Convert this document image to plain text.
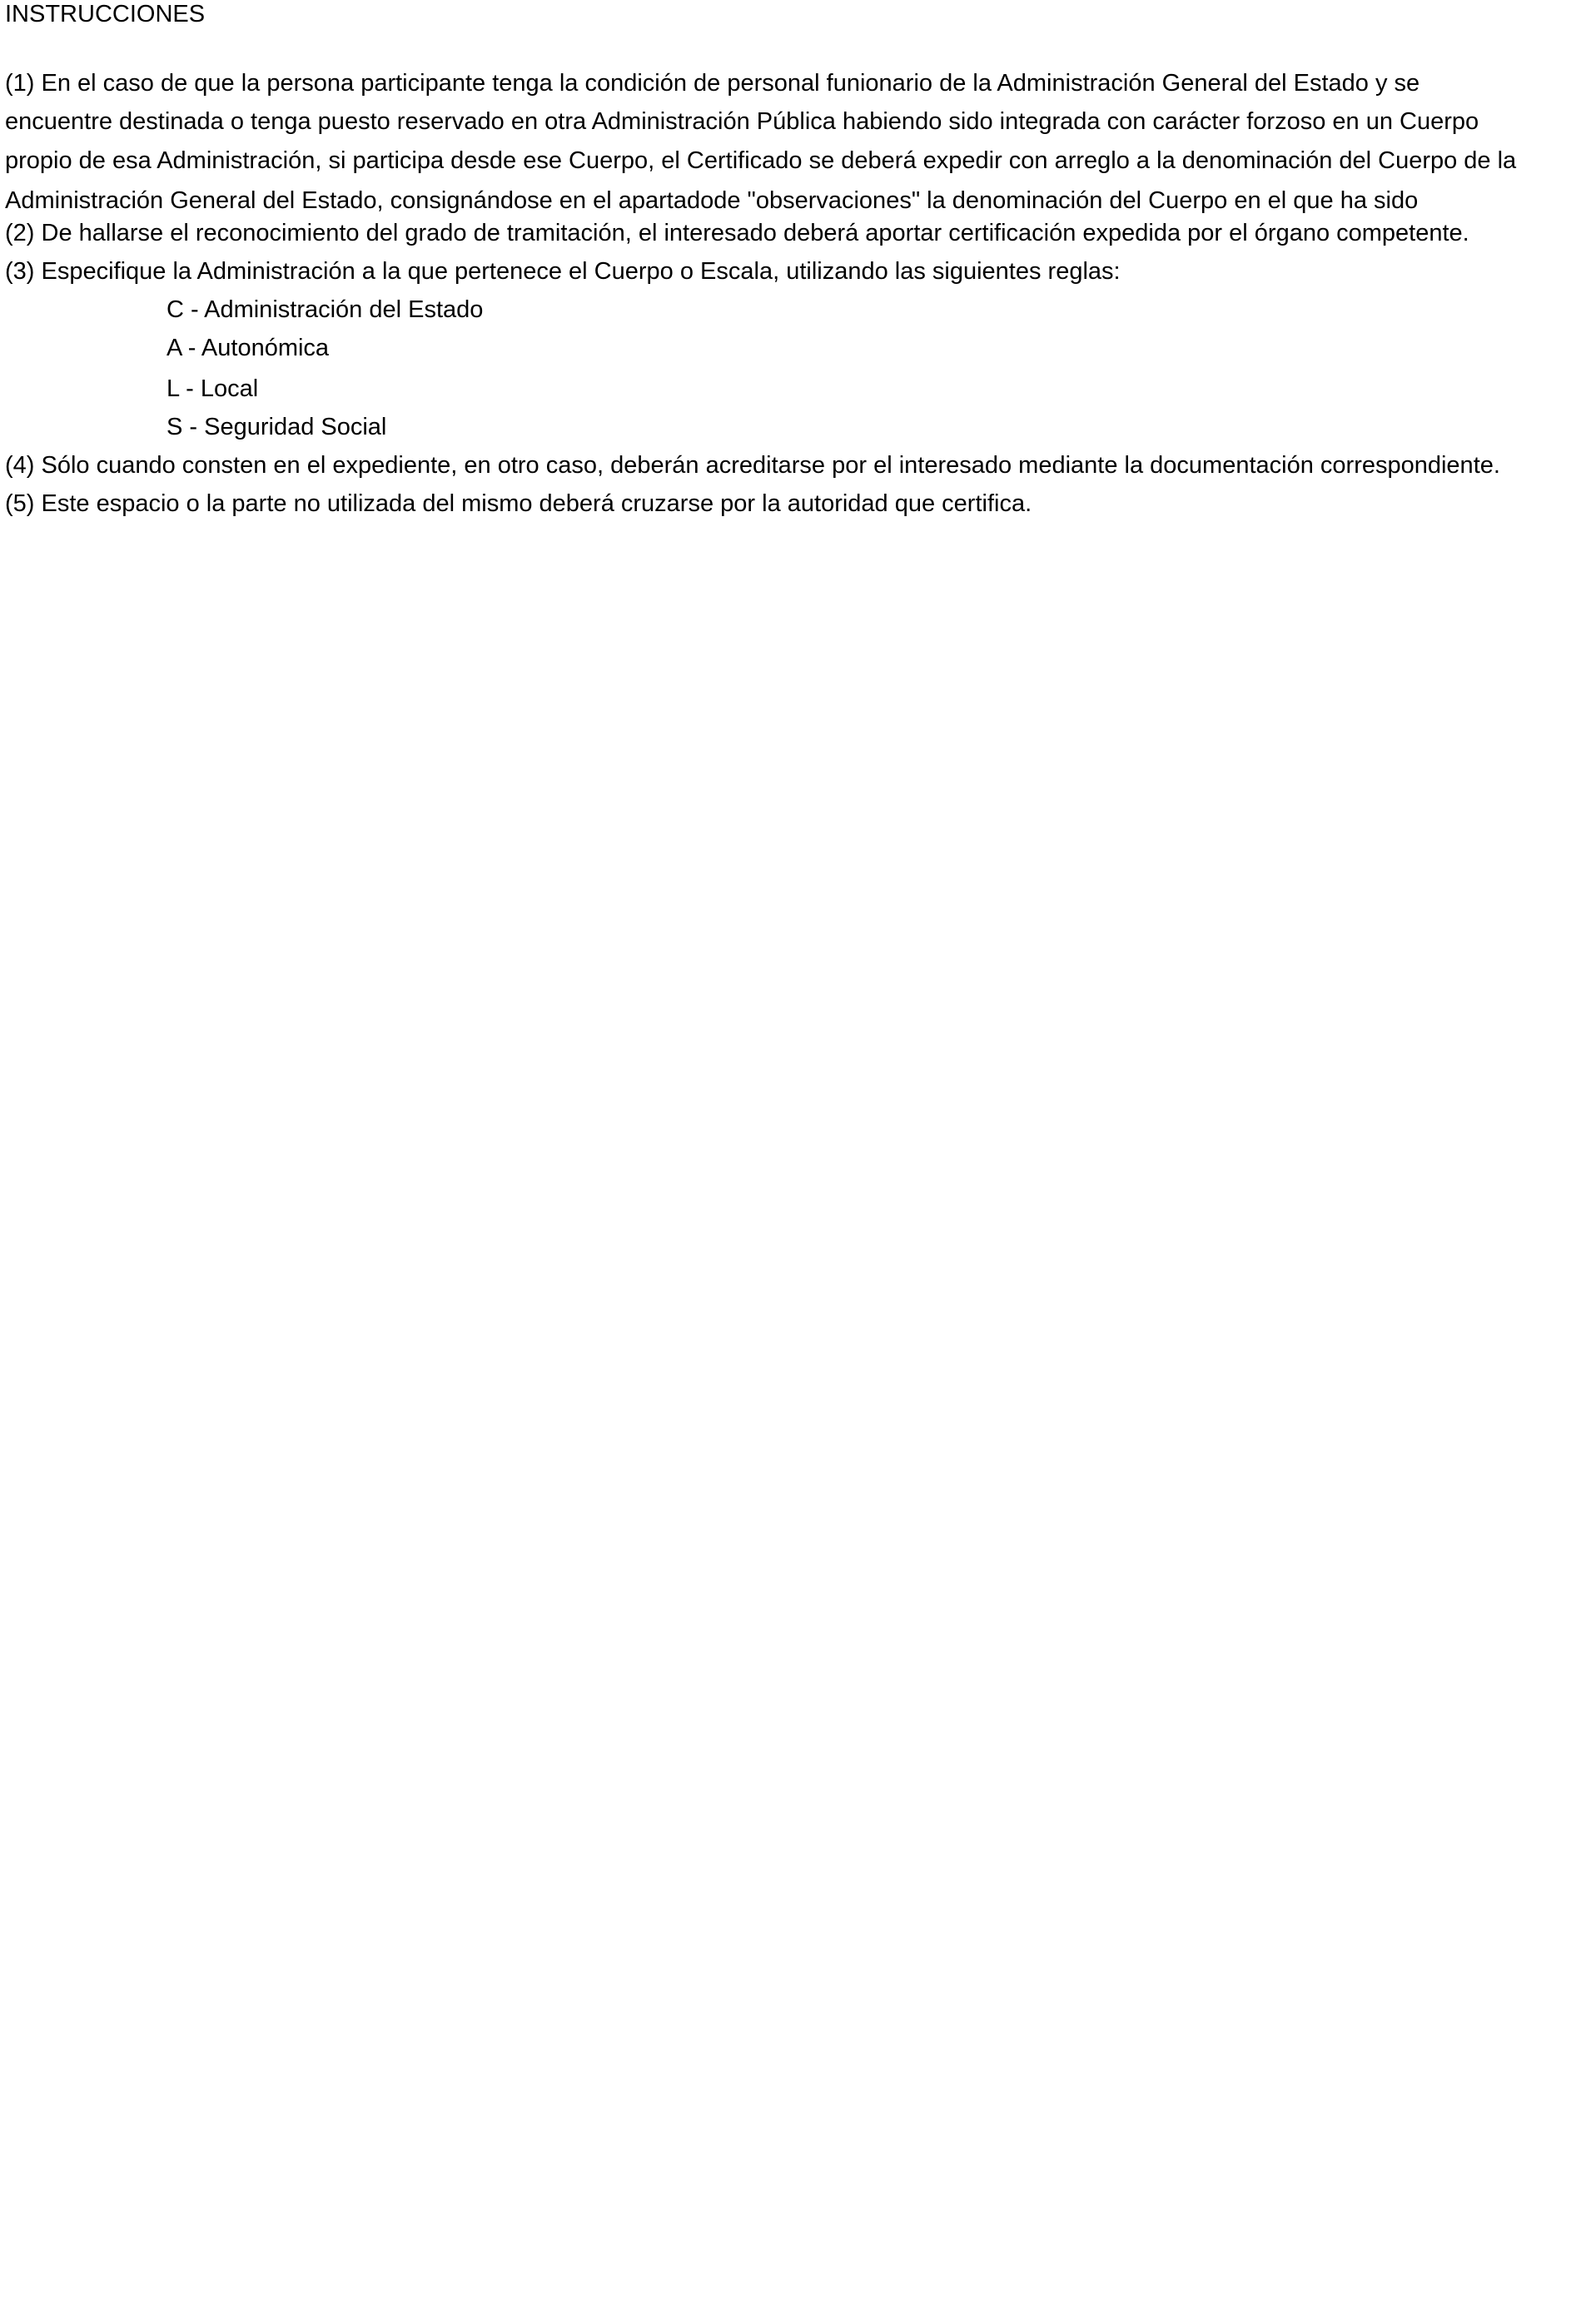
INSTRUCCIONES
(1) En el caso de que la persona participante tenga la condición de personal funionario de la Administración General del Estado y se
encuentre destinada o tenga puesto reservado en otra Administración Pública habiendo sido integrada con carácter forzoso en un Cuerpo
propio de esa Administración, si participa desde ese Cuerpo, el Certificado se deberá expedir con arreglo a la denominación del Cuerpo de la
Administración General del Estado, consignándose en el apartadode "observaciones" la denominación del Cuerpo en el que ha sido
(2) De hallarse el reconocimiento del grado de tramitación, el interesado deberá aportar certificación expedida por el órgano competente.
(3) Especifique la Administración a la que pertenece el Cuerpo o Escala, utilizando las siguientes reglas:
C - Administración del Estado
A - Autonómica
L - Local
S - Seguridad Social
(4) Sólo cuando consten en el expediente, en otro caso, deberán acreditarse por el interesado mediante la documentación correspondiente.
(5) Este espacio o la parte no utilizada del mismo deberá cruzarse por la autoridad que certifica.
